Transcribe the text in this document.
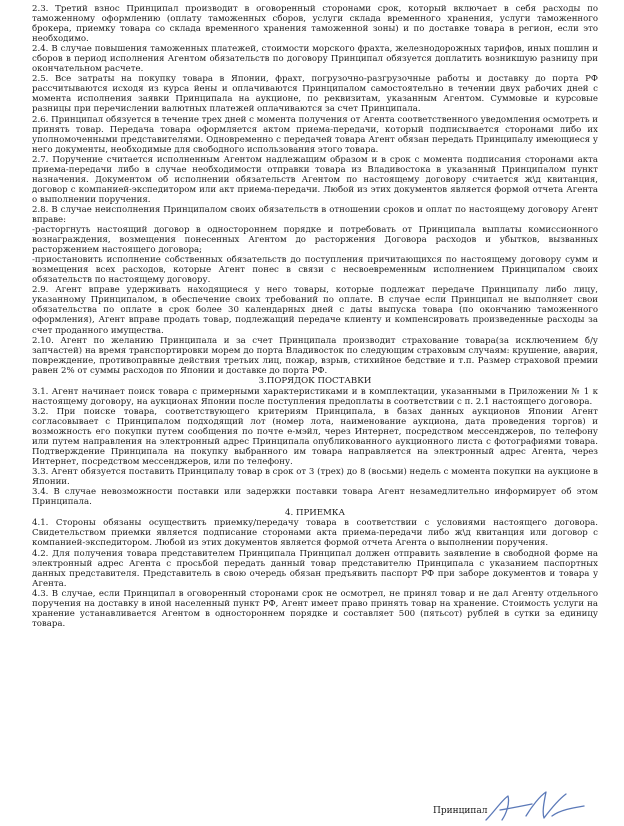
2.3. Третий взнос Принципал производит в оговоренный сторонами срок, который включает в себя расходы по таможенному оформлению (оплату таможенных сборов, услуги склада временного хранения, услуги таможенного брокера, приемку товара со склада временного хранения таможенной зоны) и по доставке товара в регион, если это необходимо.

2.4. В случае повышения таможенных платежей, стоимости морского фрахта, железнодорожных тарифов, иных пошлин и сборов в период исполнения Агентом обязательств по договору Принципал обязуется доплатить возникшую разницу при окончательном расчете.

2.5. Все затраты на покупку товара в Японии, фрахт, погрузочно-разгрузочные работы и доставку до порта РФ рассчитываются исходя из курса йены и оплачиваются Принципалом самостоятельно в течении двух рабочих дней с момента исполнения заявки Принципала на аукционе, по реквизитам, указанным Агентом. Суммовые и курсовые разницы при перечислении валютных платежей оплачиваются за счет Принципала.

2.6. Принципал обязуется в течение трех дней с момента получения от Агента соответственного уведомления осмотреть и принять товар. Передача товара оформляется актом приема-передачи, который подписывается сторонами либо их уполномоченными представителями. Одновременно с передачей товара Агент обязан передать Принципалу имеющиеся у него документы, необходимые для свободного использования этого товара.

2.7. Поручение считается исполненным Агентом надлежащим образом и в срок с момента подписания сторонами акта приема-передачи либо в случае необходимости отправки товара из Владивостока в указанный Принципалом пункт назначения. Документом об исполнении обязательств Агентом по настоящему договору считается ж\д квитанция, договор с компанией-экспедитором или акт приема-передачи. Любой из этих документов является формой отчета Агента о выполнении поручения.

2.8. В случае неисполнения Принципалом своих обязательств в отношении сроков и оплат по настоящему договору Агент вправе:

-расторгнуть настоящий договор в одностороннем порядке и потребовать от Принципала выплаты комиссионного вознаграждения, возмещения понесенных Агентом до расторжения Договора расходов и убытков, вызванных расторжением настоящего договора;

-приостановить исполнение собственных обязательств до поступления причитающихся по настоящему договору сумм и возмещения всех расходов, которые Агент понес в связи с несвоевременным исполнением Принципалом своих обязательств по настоящему договору.

2.9. Агент вправе удерживать находящиеся у него товары, которые подлежат передаче Принципалу либо лицу, указанному Принципалом, в обеспечение своих требований по оплате. В случае если Принципал не выполняет свои обязательства по оплате в срок более 30 календарных дней с даты выпуска товара (по окончанию таможенного оформления), Агент вправе продать товар, подлежащий передаче клиенту и компенсировать произведенные расходы за счет проданного имущества.

2.10. Агент по желанию Принципала и за счет Принципала производит страхование товара(за исключением б/у запчастей) на время транспортировки морем до порта Владивосток по следующим страховым случаям: крушение, авария, повреждение, противоправные действия третьих лиц, пожар, взрыв, стихийное бедствие и т.п. Размер страховой премии равен 2% от суммы расходов по Японии и доставке до порта РФ.

3.ПОРЯДОК ПОСТАВКИ

3.1. Агент начинает поиск товара с примерными характеристиками и в комплектации, указанными в Приложении № 1 к настоящему договору, на аукционах Японии после поступления предоплаты в соответствии с п. 2.1 настоящего договора.

3.2. При поиске товара, соответствующего критериям Принципала, в базах данных аукционов Японии Агент согласовывает с Принципалом подходящий лот (номер лота, наименование аукциона, дата проведения торгов) и возможность его покупки путем сообщения по почте е-мэйл, через Интернет, посредством мессенджеров, по телефону или путем направления на электронный адрес Принципала опубликованного аукционного листа с фотографиями товара. Подтверждение Принципала на покупку выбранного им товара направляется на электронный адрес Агента, через Интернет, посредством мессенджеров, или по телефону.

3.3. Агент обязуется поставить Принципалу товар в срок от 3 (трех) до 8 (восьми) недель с момента покупки на аукционе в Японии.

3.4. В случае невозможности поставки или задержки поставки товара Агент незамедлительно информирует об этом Принципала.

4. ПРИЕМКА

4.1. Стороны обязаны осуществить приемку/передачу товара в соответствии с условиями настоящего договора. Свидетельством приемки является подписание сторонами акта приема-передачи либо ж\д квитанция или договор с компанией-экспедитором. Любой из этих документов является формой отчета Агента о выполнении поручения.

4.2. Для получения товара представителем Принципала Принципал должен отправить заявление в свободной форме на электронный адрес Агента с просьбой передать данный товар представителю Принципала с указанием паспортных данных представителя. Представитель в свою очередь обязан предъявить паспорт РФ при заборе документов и товара у Агента.

4.3. В случае, если Принципал в оговоренный сторонами срок не осмотрел, не принял товар и не дал Агенту отдельного поручения на доставку в иной населенный пункт РФ, Агент имеет право принять товар на хранение. Стоимость услуги на хранение устанавливается Агентом в одностороннем порядке и составляет 500 (пятьсот) рублей в сутки за единицу товара.

Принципал
